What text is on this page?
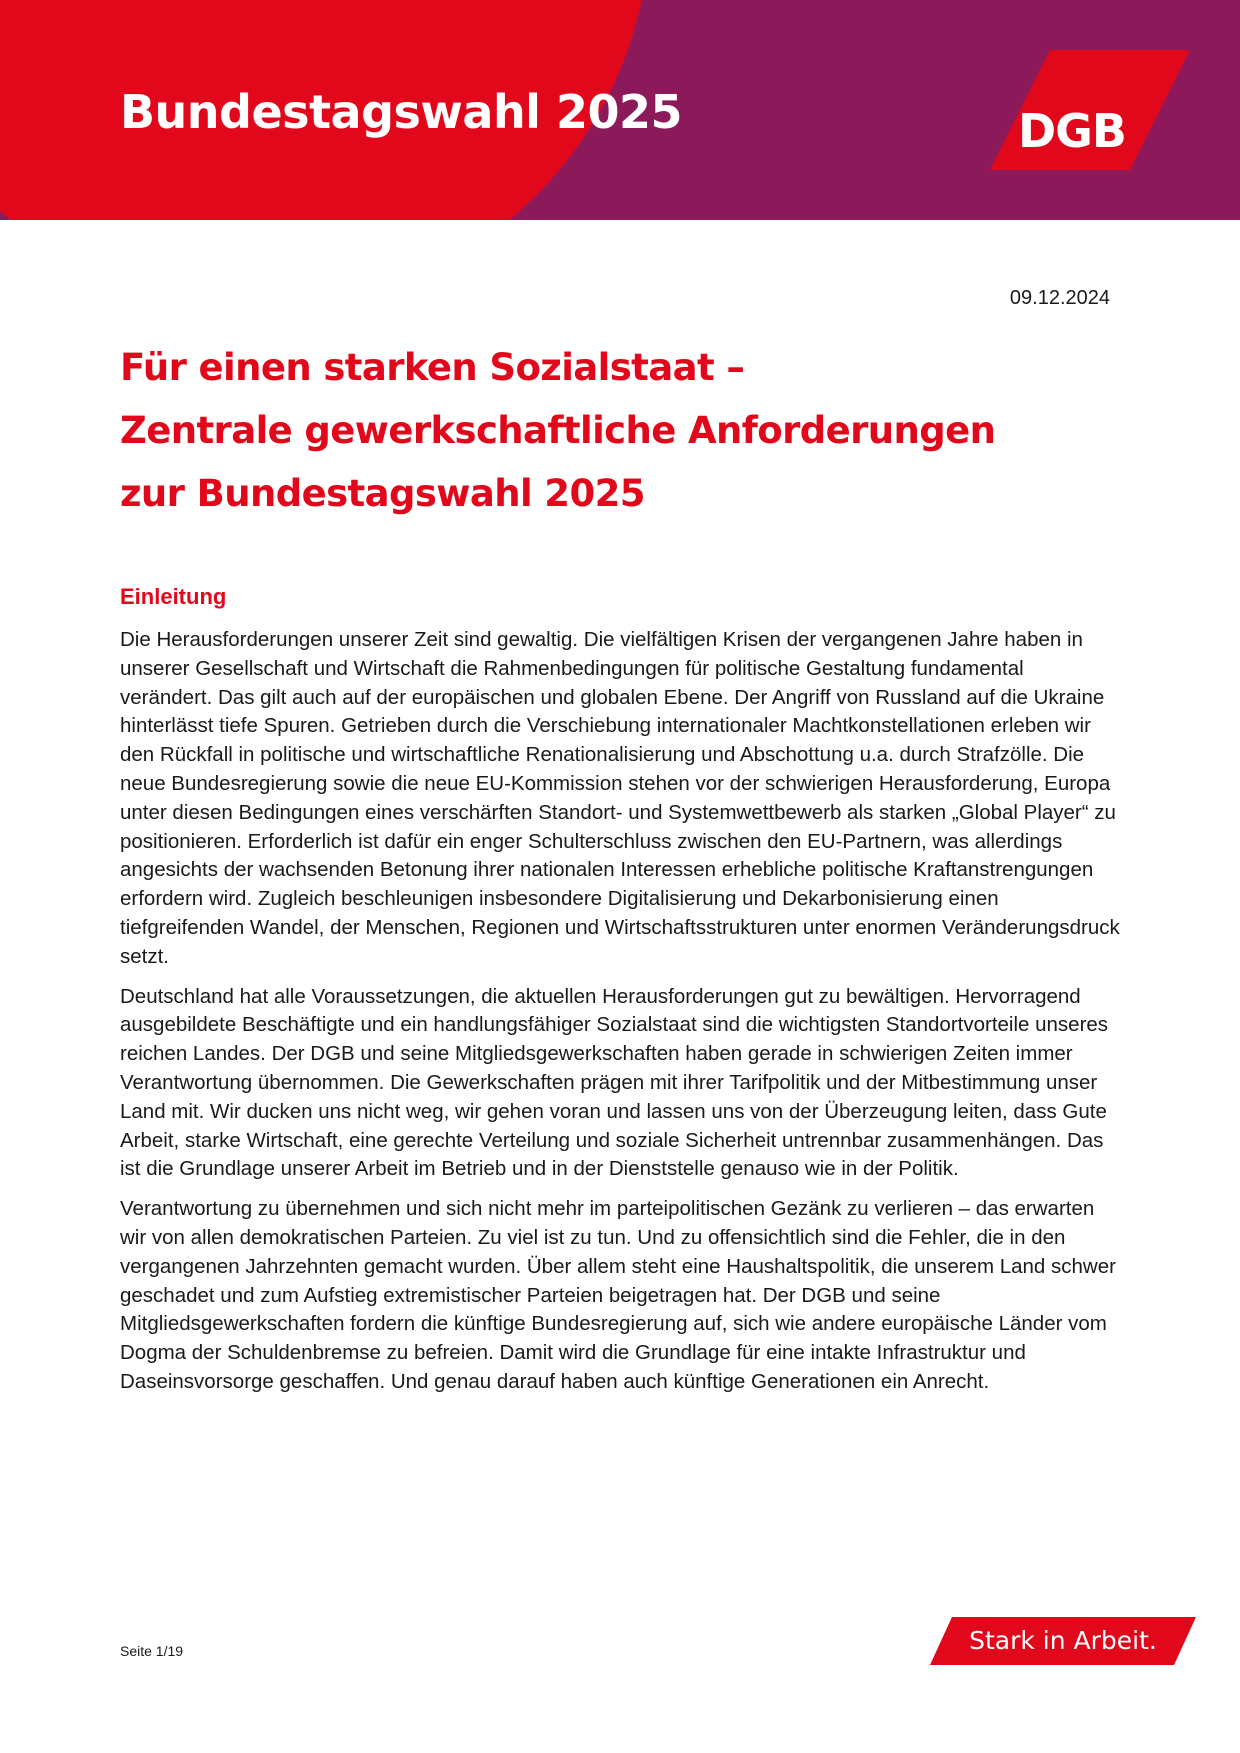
Bundestagswahl 2025	DGB
09.12.2024
Für einen starken Sozialstaat –
Zentrale gewerkschaftliche Anforderungen
zur Bundestagswahl 2025
Einleitung

Die Herausforderungen unserer Zeit sind gewaltig. Die vielfältigen Krisen der vergangenen Jahre haben in unserer Gesellschaft und Wirtschaft die Rahmenbedingungen für politische Gestaltung fundamental verändert. Das gilt auch auf der europäischen und globalen Ebene. Der Angriff von Russland auf die Ukraine hinterlässt tiefe Spuren. Getrieben durch die Verschiebung internationaler Machtkonstellationen erleben wir den Rückfall in politische und wirtschaftliche Renationalisierung und Abschottung u.a. durch Strafzölle. Die neue Bundesregierung sowie die neue EU-Kommission stehen vor der schwierigen Herausforderung, Europa unter diesen Bedingungen eines verschärften Standort- und Systemwettbewerb als starken „Global Player“ zu positionieren. Erforderlich ist dafür ein enger Schulterschluss zwischen den EU-Partnern, was allerdings angesichts der wachsenden Betonung ihrer nationalen Interessen erhebliche politische Kraftanstrengungen erfordern wird. Zugleich beschleunigen insbesondere Digitalisierung und Dekarbonisierung einen tiefgreifenden Wandel, der Menschen, Regionen und Wirtschaftsstrukturen unter enormen Veränderungsdruck setzt.

Deutschland hat alle Voraussetzungen, die aktuellen Herausforderungen gut zu bewältigen. Hervorragend ausgebildete Beschäftigte und ein handlungsfähiger Sozialstaat sind die wichtigsten Standortvorteile unseres reichen Landes. Der DGB und seine Mitgliedsgewerkschaften haben gerade in schwierigen Zeiten immer Verantwortung übernommen. Die Gewerkschaften prägen mit ihrer Tarifpolitik und der Mitbestimmung unser Land mit. Wir ducken uns nicht weg, wir gehen voran und lassen uns von der Überzeugung leiten, dass Gute Arbeit, starke Wirtschaft, eine gerechte Verteilung und soziale Sicherheit untrennbar zusammenhängen. Das ist die Grundlage unserer Arbeit im Betrieb und in der Dienststelle genauso wie in der Politik.

Verantwortung zu übernehmen und sich nicht mehr im parteipolitischen Gezänk zu verlieren – das erwarten wir von allen demokratischen Parteien. Zu viel ist zu tun. Und zu offensichtlich sind die Fehler, die in den vergangenen Jahrzehnten gemacht wurden. Über allem steht eine Haushaltspolitik, die unserem Land schwer geschadet und zum Aufstieg extremistischer Parteien beigetragen hat. Der DGB und seine Mitgliedsgewerkschaften fordern die künftige Bundesregierung auf, sich wie andere europäische Länder vom Dogma der Schuldenbremse zu befreien. Damit wird die Grundlage für eine intakte Infrastruktur und Daseinsvorsorge geschaffen. Und genau darauf haben auch künftige Generationen ein Anrecht.

Seite 1/19	Stark in Arbeit.
